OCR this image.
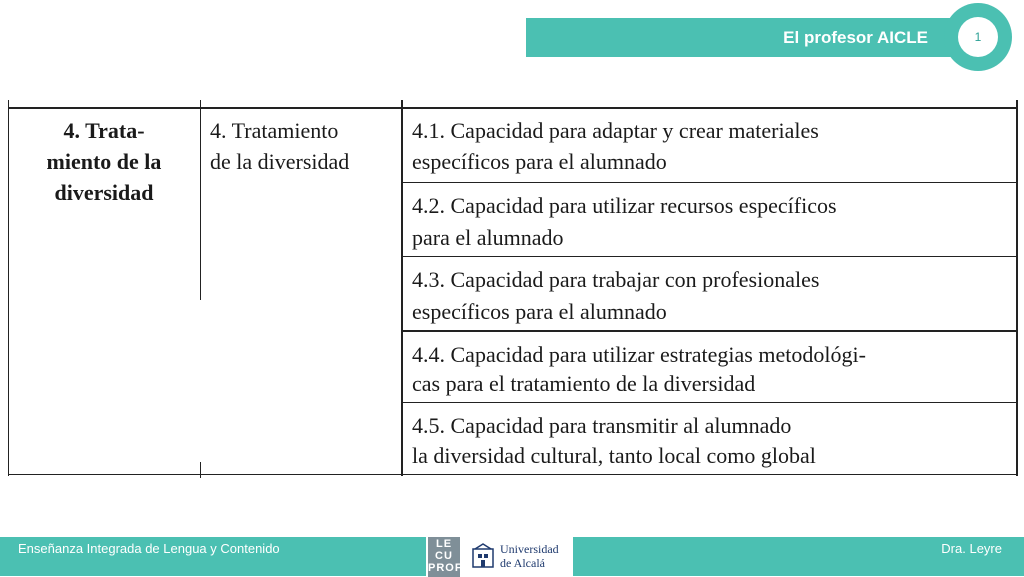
El profesor AICLE	1
4. Trata-
miento de la
diversidad
4. Tratamiento
de la diversidad
4.1. Capacidad para adaptar y crear materiales
específicos para el alumnado
4.2. Capacidad para utilizar recursos específicos
para el alumnado
4.3. Capacidad para trabajar con profesionales
específicos para el alumnado
4.4. Capacidad para utilizar estrategias metodológi-
cas para el tratamiento de la diversidad
4.5. Capacidad para transmitir al alumnado
la diversidad cultural, tanto local como global
Enseñanza Integrada de Lengua y Contenido	Dra. Leyre
LE
CU
PROF
Universidad
de Alcalá
